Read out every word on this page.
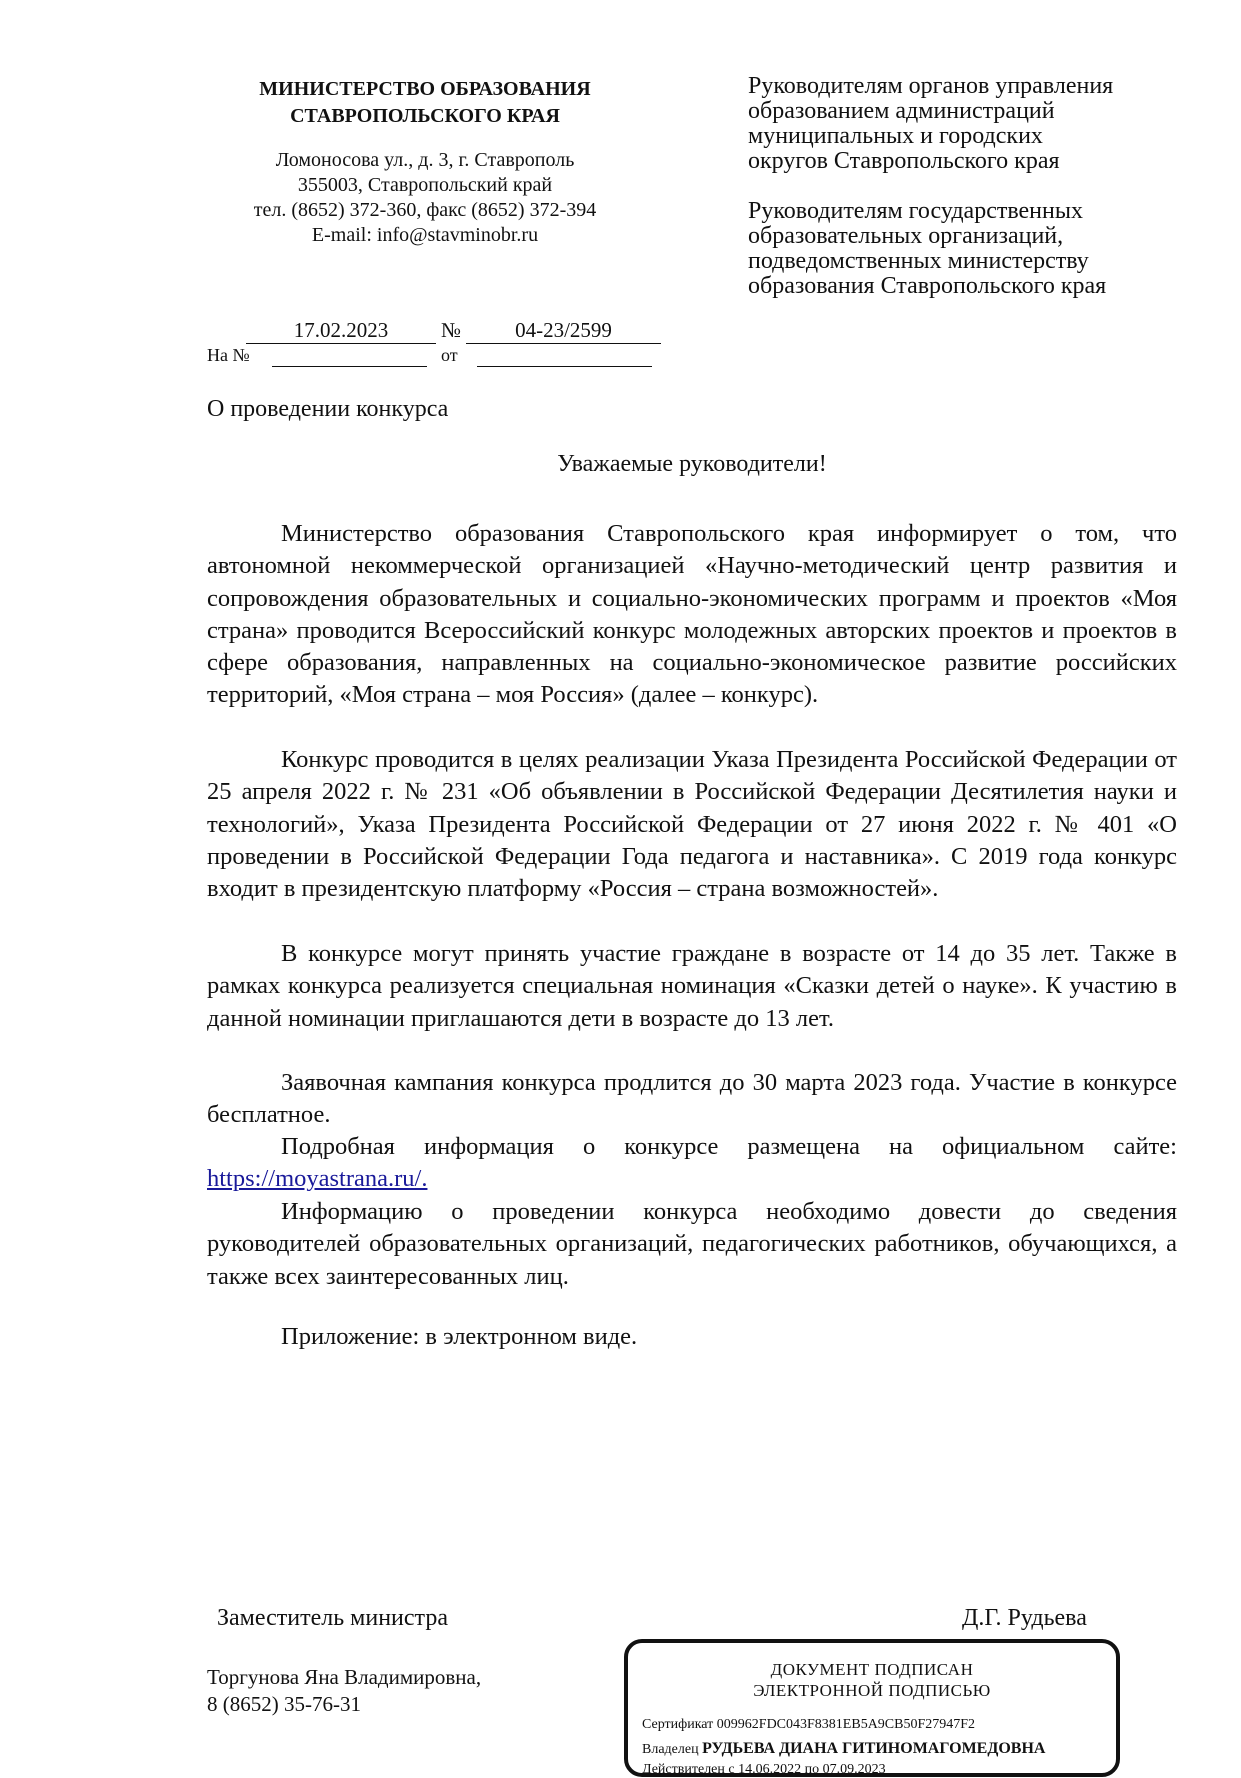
МИНИСТЕРСТВО ОБРАЗОВАНИЯ
СТАВРОПОЛЬСКОГО КРАЯ
Ломоносова ул., д. 3, г. Ставрополь
355003, Ставропольский край
тел. (8652) 372-360, факс (8652) 372-394
E-mail: info@stavminobr.ru
Руководителям органов управления
образованием администраций
муниципальных и городских
округов Ставропольского края
Руководителям государственных
образовательных организаций,
подведомственных министерству
образования Ставропольского края
17.02.2023	№	04-23/2599
На №	от
О проведении конкурса
Уважаемые руководители!

Министерство образования Ставропольского края информирует о том, что автономной некоммерческой организацией «Научно-методический центр развития и сопровождения образовательных и социально-экономических программ и проектов «Моя страна» проводится Всероссийский конкурс молодежных авторских проектов и проектов в сфере образования, направленных на социально-экономическое развитие российских территорий, «Моя страна – моя Россия» (далее – конкурс).

Конкурс проводится в целях реализации Указа Президента Российской Федерации от 25 апреля 2022 г. № 231 «Об объявлении в Российской Федерации Десятилетия науки и технологий», Указа Президента Российской Федерации от 27 июня 2022 г. № 401 «О проведении в Российской Федерации Года педагога и наставника». С 2019 года конкурс входит в президентскую платформу «Россия – страна возможностей».

В конкурсе могут принять участие граждане в возрасте от 14 до 35 лет. Также в рамках конкурса реализуется специальная номинация «Сказки детей о науке». К участию в данной номинации приглашаются дети в возрасте до 13 лет.

Заявочная кампания конкурса продлится до 30 марта 2023 года. Участие в конкурсе бесплатное.

Подробная информация о конкурсе размещена на официальном сайте: https://moyastrana.ru/.

Информацию о проведении конкурса необходимо довести до сведения руководителей образовательных организаций, педагогических работников, обучающихся, а также всех заинтересованных лиц.

Приложение: в электронном виде.

Заместитель министра	Д.Г. Рудьева
Торгунова Яна Владимировна,
8 (8652) 35-76-31
ДОКУМЕНТ ПОДПИСАН
ЭЛЕКТРОННОЙ ПОДПИСЬЮ
Сертификат 009962FDC043F8381EB5A9CB50F27947F2
Владелец РУДЬЕВА ДИАНА ГИТИНОМАГОМЕДОВНА
Действителен с 14.06.2022 по 07.09.2023
